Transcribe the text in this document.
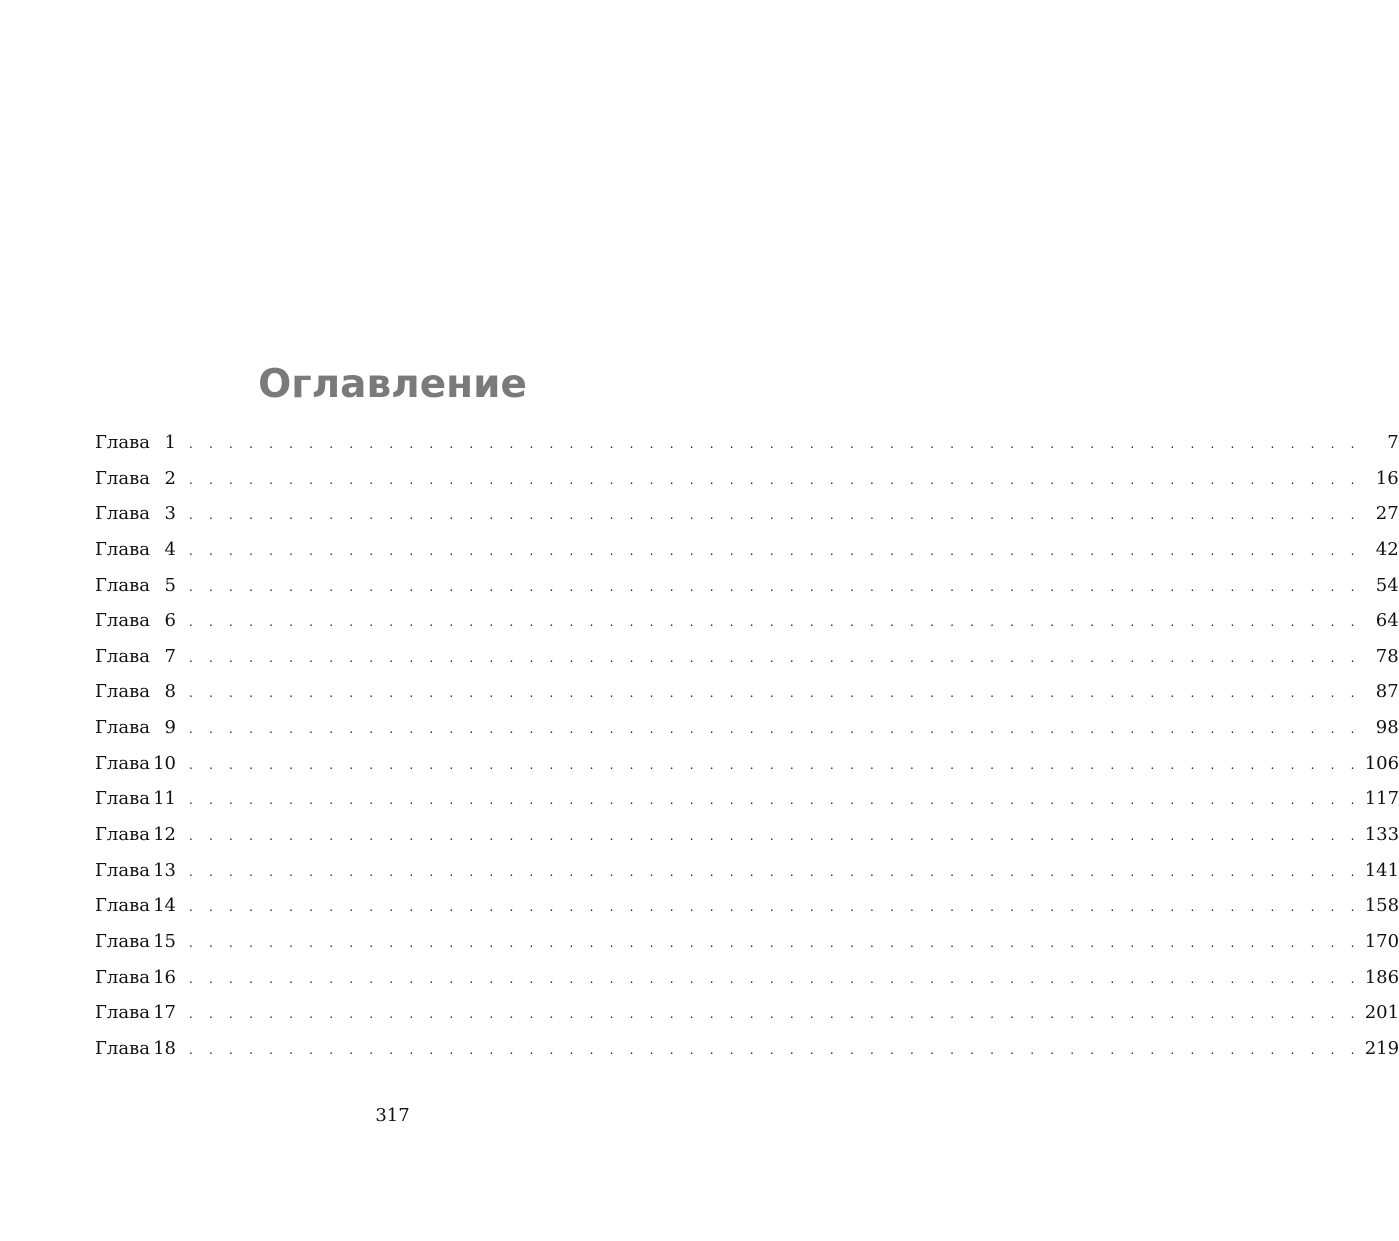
Оглавление
Глава 1 . . . . . . . . . . . . . . . . . . . . . . . . . . . . . . . . . . . . . . . . . . . . . . . . . . . . . . . . . . .	7
Глава 2 . . . . . . . . . . . . . . . . . . . . . . . . . . . . . . . . . . . . . . . . . . . . . . . . . . . . . . . . . . . 16
Глава 3 . . . . . . . . . . . . . . . . . . . . . . . . . . . . . . . . . . . . . . . . . . . . . . . . . . . . . . . . . . . 27
Глава 4 . . . . . . . . . . . . . . . . . . . . . . . . . . . . . . . . . . . . . . . . . . . . . . . . . . . . . . . . . . . 42
Глава 5 . . . . . . . . . . . . . . . . . . . . . . . . . . . . . . . . . . . . . . . . . . . . . . . . . . . . . . . . . . . 54
Глава 6 . . . . . . . . . . . . . . . . . . . . . . . . . . . . . . . . . . . . . . . . . . . . . . . . . . . . . . . . . . . 64
Глава 7 . . . . . . . . . . . . . . . . . . . . . . . . . . . . . . . . . . . . . . . . . . . . . . . . . . . . . . . . . . . 78
Глава 8 . . . . . . . . . . . . . . . . . . . . . . . . . . . . . . . . . . . . . . . . . . . . . . . . . . . . . . . . . . . 87
Глава 9 . . . . . . . . . . . . . . . . . . . . . . . . . . . . . . . . . . . . . . . . . . . . . . . . . . . . . . . . . . . 98
Глава 10 . . . . . . . . . . . . . . . . . . . . . . . . . . . . . . . . . . . . . . . . . . . . . . . . . . . . . . . . . . . 106
Глава 11 . . . . . . . . . . . . . . . . . . . . . . . . . . . . . . . . . . . . . . . . . . . . . . . . . . . . . . . . . . . 117
Глава 12 . . . . . . . . . . . . . . . . . . . . . . . . . . . . . . . . . . . . . . . . . . . . . . . . . . . . . . . . . . . 133
Глава 13 . . . . . . . . . . . . . . . . . . . . . . . . . . . . . . . . . . . . . . . . . . . . . . . . . . . . . . . . . . . 141
Глава 14 . . . . . . . . . . . . . . . . . . . . . . . . . . . . . . . . . . . . . . . . . . . . . . . . . . . . . . . . . . . 158
Глава 15 . . . . . . . . . . . . . . . . . . . . . . . . . . . . . . . . . . . . . . . . . . . . . . . . . . . . . . . . . . . 170
Глава 16 . . . . . . . . . . . . . . . . . . . . . . . . . . . . . . . . . . . . . . . . . . . . . . . . . . . . . . . . . . . 186
Глава 17 . . . . . . . . . . . . . . . . . . . . . . . . . . . . . . . . . . . . . . . . . . . . . . . . . . . . . . . . . . . 201
Глава 18 . . . . . . . . . . . . . . . . . . . . . . . . . . . . . . . . . . . . . . . . . . . . . . . . . . . . . . . . . . . 219
317
